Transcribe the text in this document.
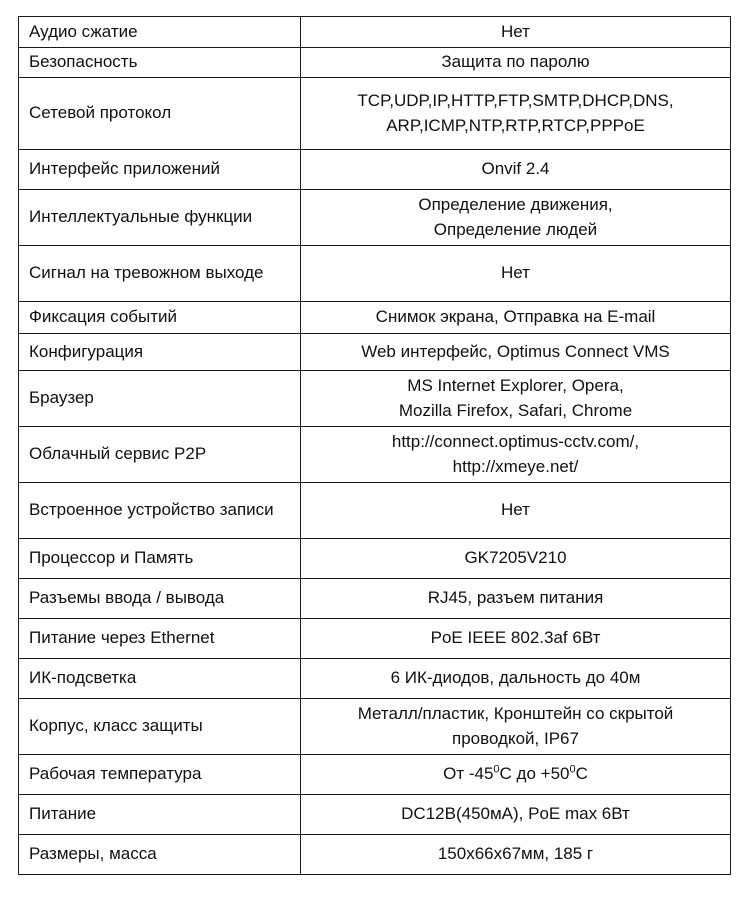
Аудио сжатие	Нет
Безопасность	Защита по паролю
Сетевой протокол	TCP,UDP,IP,HTTP,FTP,SMTP,DHCP,DNS,
ARP,ICMP,NTP,RTP,RTCP,PPPoE
Интерфейс приложений	Onvif 2.4
Интеллектуальные функции	Определение движения,
Определение людей
Сигнал на тревожном выходе	Нет
Фиксация событий	Снимок экрана, Отправка на E-mail
Конфигурация	Web интерфейс, Optimus Connect VMS
Браузер	MS Internet Explorer, Opera,
Mozilla Firefox, Safari, Chrome
Облачный сервис P2P	http://connect.optimus-cctv.com/,
http://xmeye.net/
Встроенное устройство записи	Нет
Процессор и Память	GK7205V210
Разъемы ввода / вывода	RJ45, разъем питания
Питание через Ethernet	PoE IEEE 802.3af 6Вт
ИК-подсветка	6 ИК-диодов, дальность до 40м
Корпус, класс защиты	Металл/пластик, Кронштейн со скрытой
проводкой, IP67
Рабочая температура	От $-45^0С$ до $+50^0С$
Питание	DC12В(450мА), PoE max 6Вт
Размеры, масса	150x66x67мм, 185 г
